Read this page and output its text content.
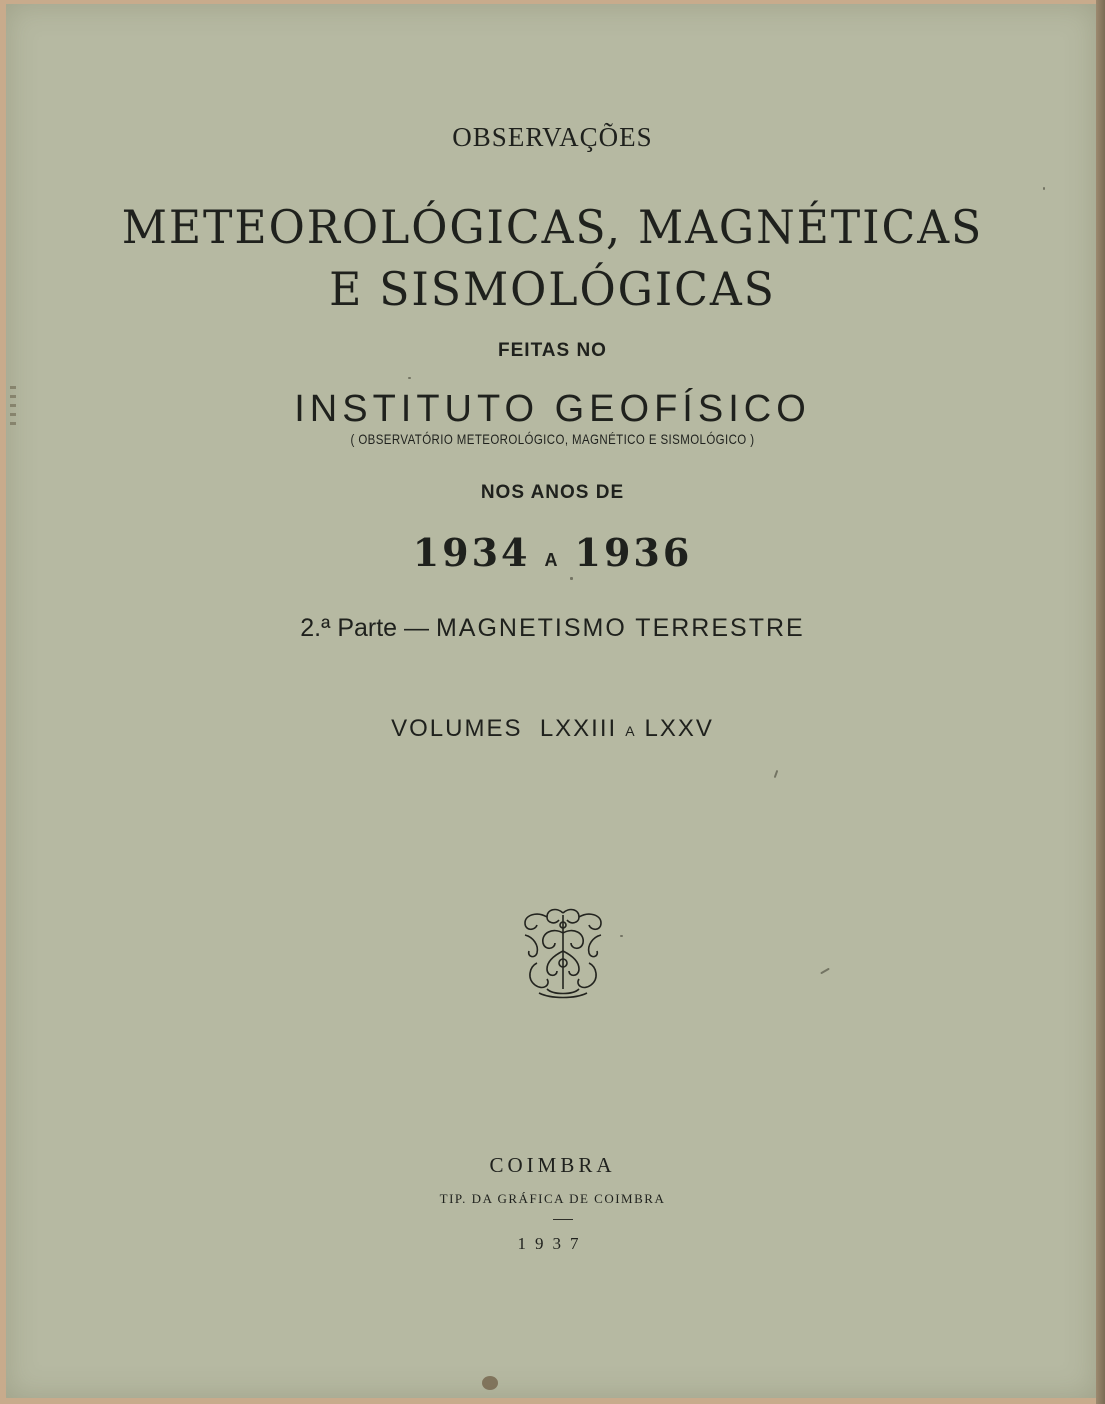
OBSERVAÇÕES
METEOROLÓGICAS, MAGNÉTICAS
E SISMOLÓGICAS
FEITAS NO
INSTITUTO GEOFÍSICO
( OBSERVATÓRIO METEOROLÓGICO, MAGNÉTICO E SISMOLÓGICO )
NOS ANOS DE
1934 A 1936
2.ª Parte — MAGNETISMO TERRESTRE
VOLUMES LXXIII A LXXV
COIMBRA
TIP. DA GRÁFICA DE COIMBRA
1937
